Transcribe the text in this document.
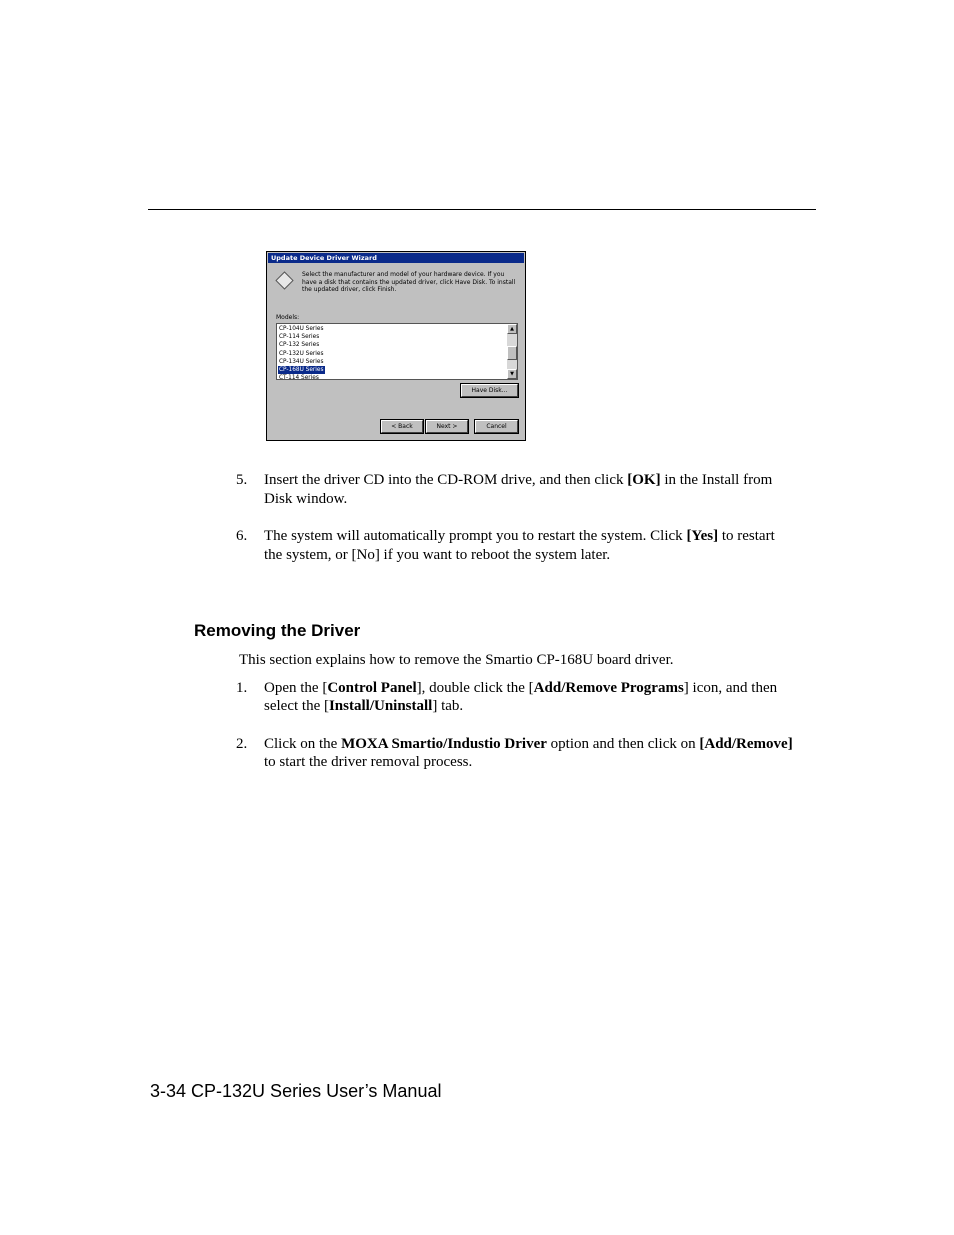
Update Device Driver Wizard
Select the manufacturer and model of your hardware device. If you have a disk that contains the updated driver, click Have Disk. To install the updated driver, click Finish.
Models:
CP-104U Series
CP-114 Series
CP-132 Series
CP-132U Series
CP-134U Series
CP-168U Series
CT-114 Series
▲
▼
Have Disk...
< Back	Next >	Cancel
5. Insert the driver CD into the CD-ROM drive, and then click [OK] in the Install from
Disk window.
6. The system will automatically prompt you to restart the system. Click [Yes] to restart
the system, or [No] if you want to reboot the system later.
Removing the Driver
This section explains how to remove the Smartio CP-168U board driver.
1. Open the [Control Panel], double click the [Add/Remove Programs] icon, and then
select the [Install/Uninstall] tab.
2. Click on the MOXA Smartio/Industio Driver option and then click on [Add/Remove]
to start the driver removal process.
3-34 CP-132U Series User’s Manual
